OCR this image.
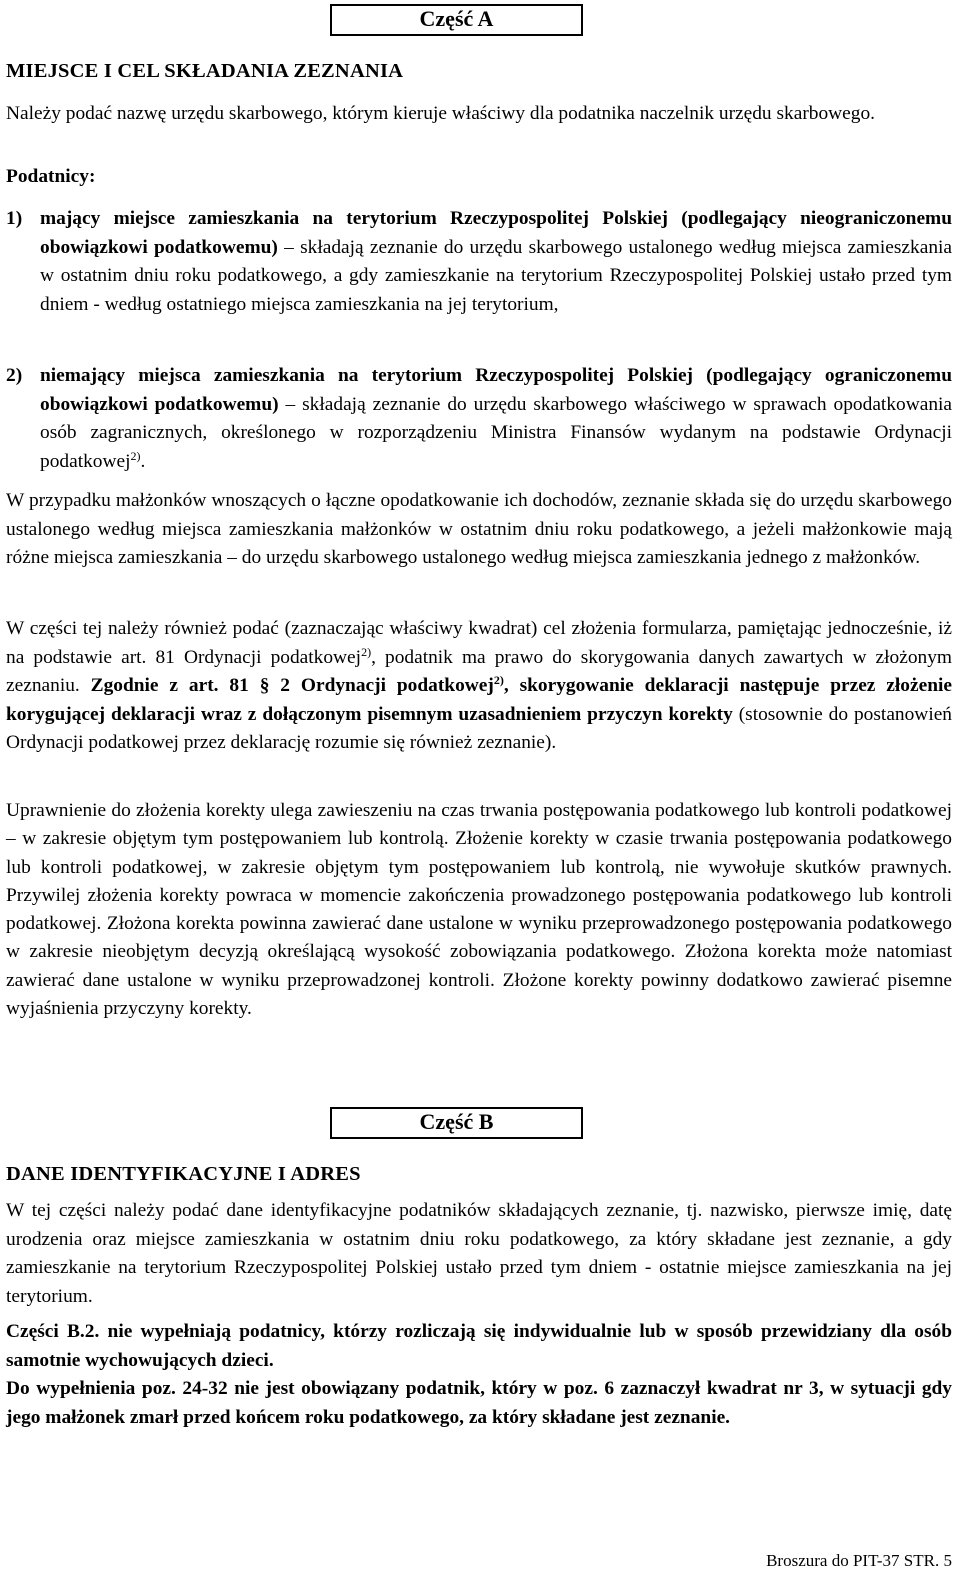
Część A
MIEJSCE I CEL SKŁADANIA ZEZNANIA

Należy podać nazwę urzędu skarbowego, którym kieruje właściwy dla podatnika naczelnik urzędu skarbowego.

Podatnicy:

1) mający miejsce zamieszkania na terytorium Rzeczypospolitej Polskiej (podlegający nieograniczonemu obowiązkowi podatkowemu) – składają zeznanie do urzędu skarbowego ustalonego według miejsca zamieszkania w ostatnim dniu roku podatkowego, a gdy zamieszkanie na terytorium Rzeczypospolitej Polskiej ustało przed tym dniem - według ostatniego miejsca zamieszkania na jej terytorium,

2) niemający miejsca zamieszkania na terytorium Rzeczypospolitej Polskiej (podlegający ograniczonemu obowiązkowi podatkowemu) – składają zeznanie do urzędu skarbowego właściwego w sprawach opodatkowania osób zagranicznych, określonego w rozporządzeniu Ministra Finansów wydanym na podstawie Ordynacji podatkowej$^{2)}$.

W przypadku małżonków wnoszących o łączne opodatkowanie ich dochodów, zeznanie składa się do urzędu skarbowego ustalonego według miejsca zamieszkania małżonków w ostatnim dniu roku podatkowego, a jeżeli małżonkowie mają różne miejsca zamieszkania – do urzędu skarbowego ustalonego według miejsca zamieszkania jednego z małżonków.

W części tej należy również podać (zaznaczając właściwy kwadrat) cel złożenia formularza, pamiętając jednocześnie, iż na podstawie art. 81 Ordynacji podatkowej$^{2)}$, podatnik ma prawo do skorygowania danych zawartych w złożonym zeznaniu. Zgodnie z art. 81 § 2 Ordynacji podatkowej$^{2)}$, skorygowanie deklaracji następuje przez złożenie korygującej deklaracji wraz z dołączonym pisemnym uzasadnieniem przyczyn korekty (stosownie do postanowień Ordynacji podatkowej przez deklarację rozumie się również zeznanie).

Uprawnienie do złożenia korekty ulega zawieszeniu na czas trwania postępowania podatkowego lub kontroli podatkowej – w zakresie objętym tym postępowaniem lub kontrolą. Złożenie korekty w czasie trwania postępowania podatkowego lub kontroli podatkowej, w zakresie objętym tym postępowaniem lub kontrolą, nie wywołuje skutków prawnych. Przywilej złożenia korekty powraca w momencie zakończenia prowadzonego postępowania podatkowego lub kontroli podatkowej. Złożona korekta powinna zawierać dane ustalone w wyniku przeprowadzonego postępowania podatkowego w zakresie nieobjętym decyzją określającą wysokość zobowiązania podatkowego. Złożona korekta może natomiast zawierać dane ustalone w wyniku przeprowadzonej kontroli. Złożone korekty powinny dodatkowo zawierać pisemne wyjaśnienia przyczyny korekty.

Część B
DANE IDENTYFIKACYJNE I ADRES

W tej części należy podać dane identyfikacyjne podatników składających zeznanie, tj. nazwisko, pierwsze imię, datę urodzenia oraz miejsce zamieszkania w ostatnim dniu roku podatkowego, za który składane jest zeznanie, a gdy zamieszkanie na terytorium Rzeczypospolitej Polskiej ustało przed tym dniem - ostatnie miejsce zamieszkania na jej terytorium.

Części B.2. nie wypełniają podatnicy, którzy rozliczają się indywidualnie lub w sposób przewidziany dla osób samotnie wychowujących dzieci.

Do wypełnienia poz. 24-32 nie jest obowiązany podatnik, który w poz. 6 zaznaczył kwadrat nr 3, w sytuacji gdy jego małżonek zmarł przed końcem roku podatkowego, za który składane jest zeznanie.

Broszura do PIT-37 STR. 5
